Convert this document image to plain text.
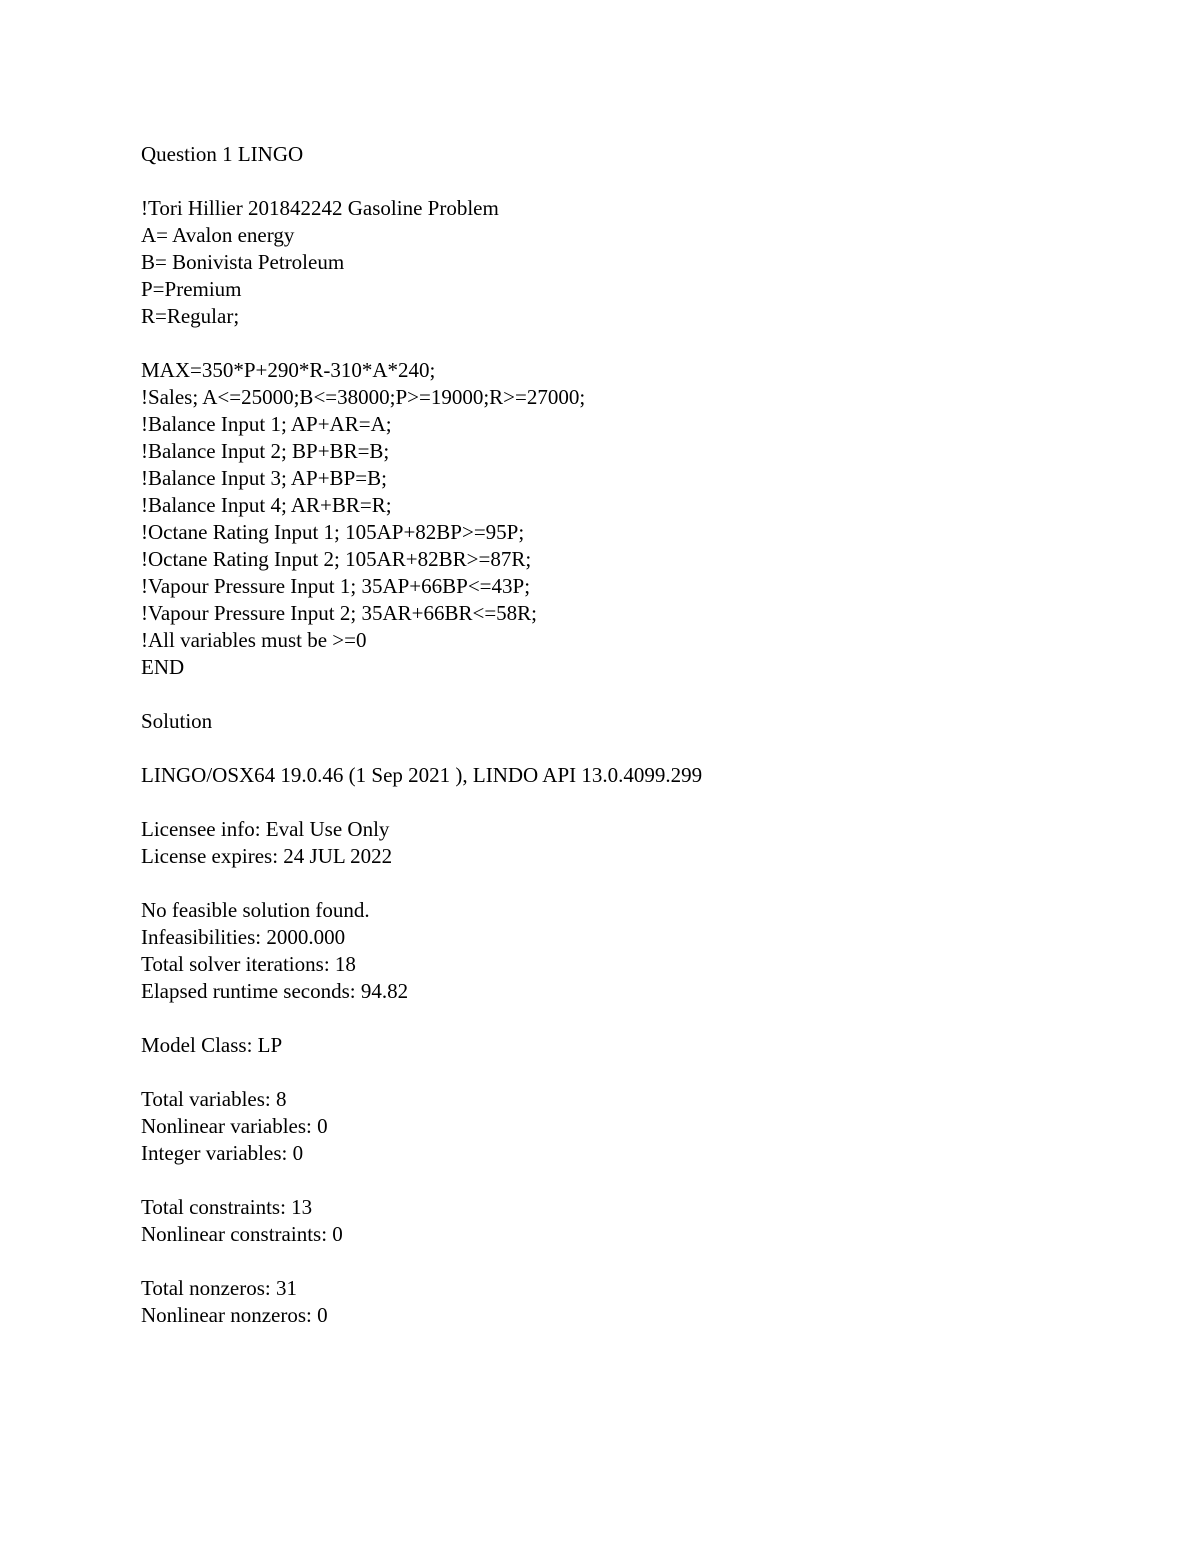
Question 1 LINGO
!Tori Hillier 201842242 Gasoline Problem
A= Avalon energy
B= Bonivista Petroleum
P=Premium
R=Regular;
MAX=350*P+290*R-310*A*240;
!Sales; A<=25000;B<=38000;P>=19000;R>=27000;
!Balance Input 1; AP+AR=A;
!Balance Input 2; BP+BR=B;
!Balance Input 3; AP+BP=B;
!Balance Input 4; AR+BR=R;
!Octane Rating Input 1; 105AP+82BP>=95P;
!Octane Rating Input 2; 105AR+82BR>=87R;
!Vapour Pressure Input 1; 35AP+66BP<=43P;
!Vapour Pressure Input 2; 35AR+66BR<=58R;
!All variables must be >=0
END
Solution
LINGO/OSX64 19.0.46 (1 Sep 2021 ), LINDO API 13.0.4099.299
Licensee info: Eval Use Only
License expires: 24 JUL 2022
No feasible solution found.
Infeasibilities: 2000.000
Total solver iterations: 18
Elapsed runtime seconds: 94.82
Model Class: LP
Total variables: 8
Nonlinear variables: 0
Integer variables: 0
Total constraints: 13
Nonlinear constraints: 0
Total nonzeros: 31
Nonlinear nonzeros: 0
